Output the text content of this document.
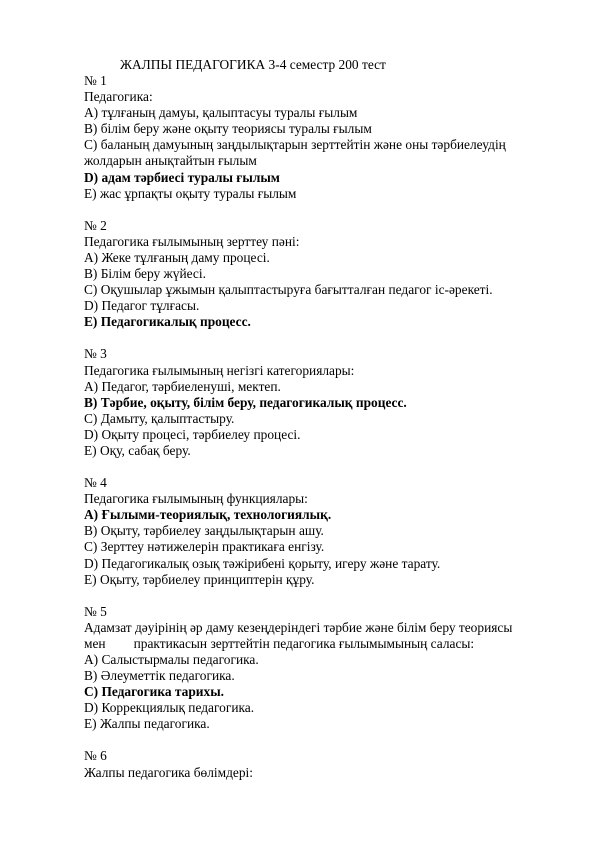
ЖАЛПЫ ПЕДАГОГИКА 3-4 семестр 200 тест
№ 1
Педагогика:
A) тұлғаның дамуы, қалыптасуы туралы ғылым
B) білім беру және оқыту теориясы туралы ғылым
C) баланың дамуының заңдылықтарын зерттейтін және оны тәрбиелеудің жолдарын анықтайтын ғылым
D) адам тәрбиесі туралы ғылым
E) жас ұрпақты оқыту туралы ғылым
№ 2
Педагогика ғылымының зерттеу пәні:
A) Жеке тұлғаның даму процесі.
B) Білім беру жүйесі.
C) Оқушылар ұжымын қалыптастыруға бағытталған педагог іс-әрекеті.
D) Педагог тұлғасы.
E) Педагогикалық процесс.
№ 3
Педагогика ғылымының негізгі категориялары:
A) Педагог, тәрбиеленуші, мектеп.
B) Тәрбие, оқыту, білім беру, педагогикалық процесс.
C) Дамыту, қалыптастыру.
D) Оқыту процесі, тәрбиелеу процесі.
E) Оқу, сабақ беру.
№ 4
Педагогика ғылымының функциялары:
A) Ғылыми-теориялық, технологиялық.
B) Оқыту, тәрбиелеу заңдылықтарын ашу.
C) Зерттеу нәтижелерін практикаға енгізу.
D) Педагогикалық озық тәжірибені қорыту, игеру және тарату.
E) Оқыту, тәрбиелеу принциптерін құру.
№ 5
Адамзат дәуірінің әр даму кезеңдеріндегі тәрбие және білім беру теориясы
мен практикасын зерттейтін педагогика ғылымымының саласы:
A) Салыстырмалы педагогика.
B) Әлеуметтік педагогика.
C) Педагогика тарихы.
D) Коррекциялық педагогика.
E) Жалпы педагогика.
№ 6
Жалпы педагогика бөлімдері:
